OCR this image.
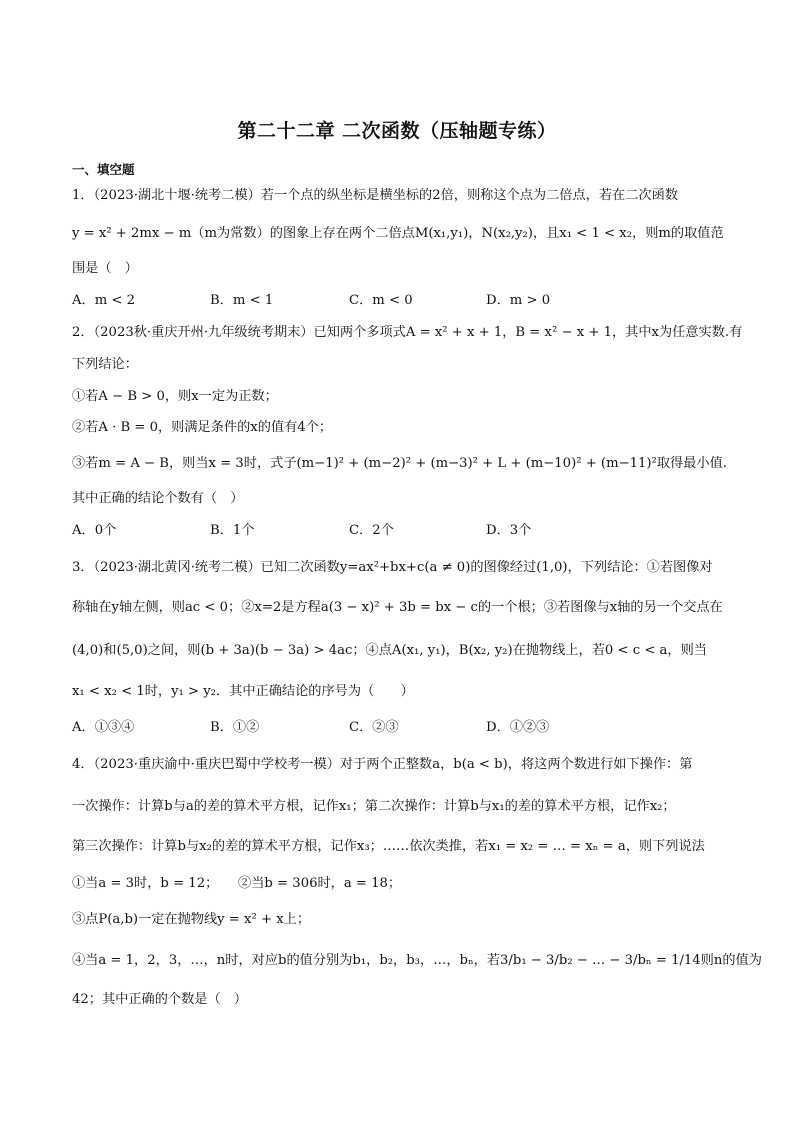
第二十二章 二次函数（压轴题专练）
一、填空题
1．（2023·湖北十堰·统考二模）若一个点的纵坐标是横坐标的2倍，则称这个点为二倍点，若在二次函数
y = x² + 2mx − m（m为常数）的图象上存在两个二倍点M(x₁,y₁)，N(x₂,y₂)，且x₁ < 1 < x₂，则m的取值范
围是（　）
A．m < 2	B．m < 1	C．m < 0	D．m > 0
2．（2023秋·重庆开州·九年级统考期末）已知两个多项式A = x² + x + 1，B = x² − x + 1，其中x为任意实数.有
下列结论：
①若A − B > 0，则x一定为正数；
②若A · B = 0，则满足条件的x的值有4个；
③若m = A − B，则当x = 3时，式子(m−1)² + (m−2)² + (m−3)² + L + (m−10)² + (m−11)²取得最小值.
其中正确的结论个数有（　）
A．0个	B．1个	C．2个	D．3个
3．（2023·湖北黄冈·统考二模）已知二次函数y=ax²+bx+c(a ≠ 0)的图像经过(1,0)，下列结论：①若图像对
称轴在y轴左侧，则ac < 0；②x=2是方程a(3 − x)² + 3b = bx − c的一个根；③若图像与x轴的另一个交点在
(4,0)和(5,0)之间，则(b + 3a)(b − 3a) > 4ac；④点A(x₁, y₁)，B(x₂, y₂)在抛物线上，若0 < c < a，则当
x₁ < x₂ < 1时，y₁ > y₂．其中正确结论的序号为（　　）
A．①③④	B．①②	C．②③	D．①②③
4．（2023·重庆渝中·重庆巴蜀中学校考一模）对于两个正整数a，b(a < b)，将这两个数进行如下操作：第
一次操作：计算b与a的差的算术平方根，记作x₁；第二次操作：计算b与x₁的差的算术平方根，记作x₂；
第三次操作：计算b与x₂的差的算术平方根，记作x₃；……依次类推，若x₁ = x₂ = … = xₙ = a，则下列说法
①当a = 3时，b = 12；　　②当b = 306时，a = 18；
③点P(a,b)一定在抛物线y = x² + x上；
④当a = 1，2，3，…，n时，对应b的值分别为b₁，b₂，b₃，…，bₙ，若3/b₁ − 3/b₂ − … − 3/bₙ = 1/14则n的值为
42；其中正确的个数是（　）
